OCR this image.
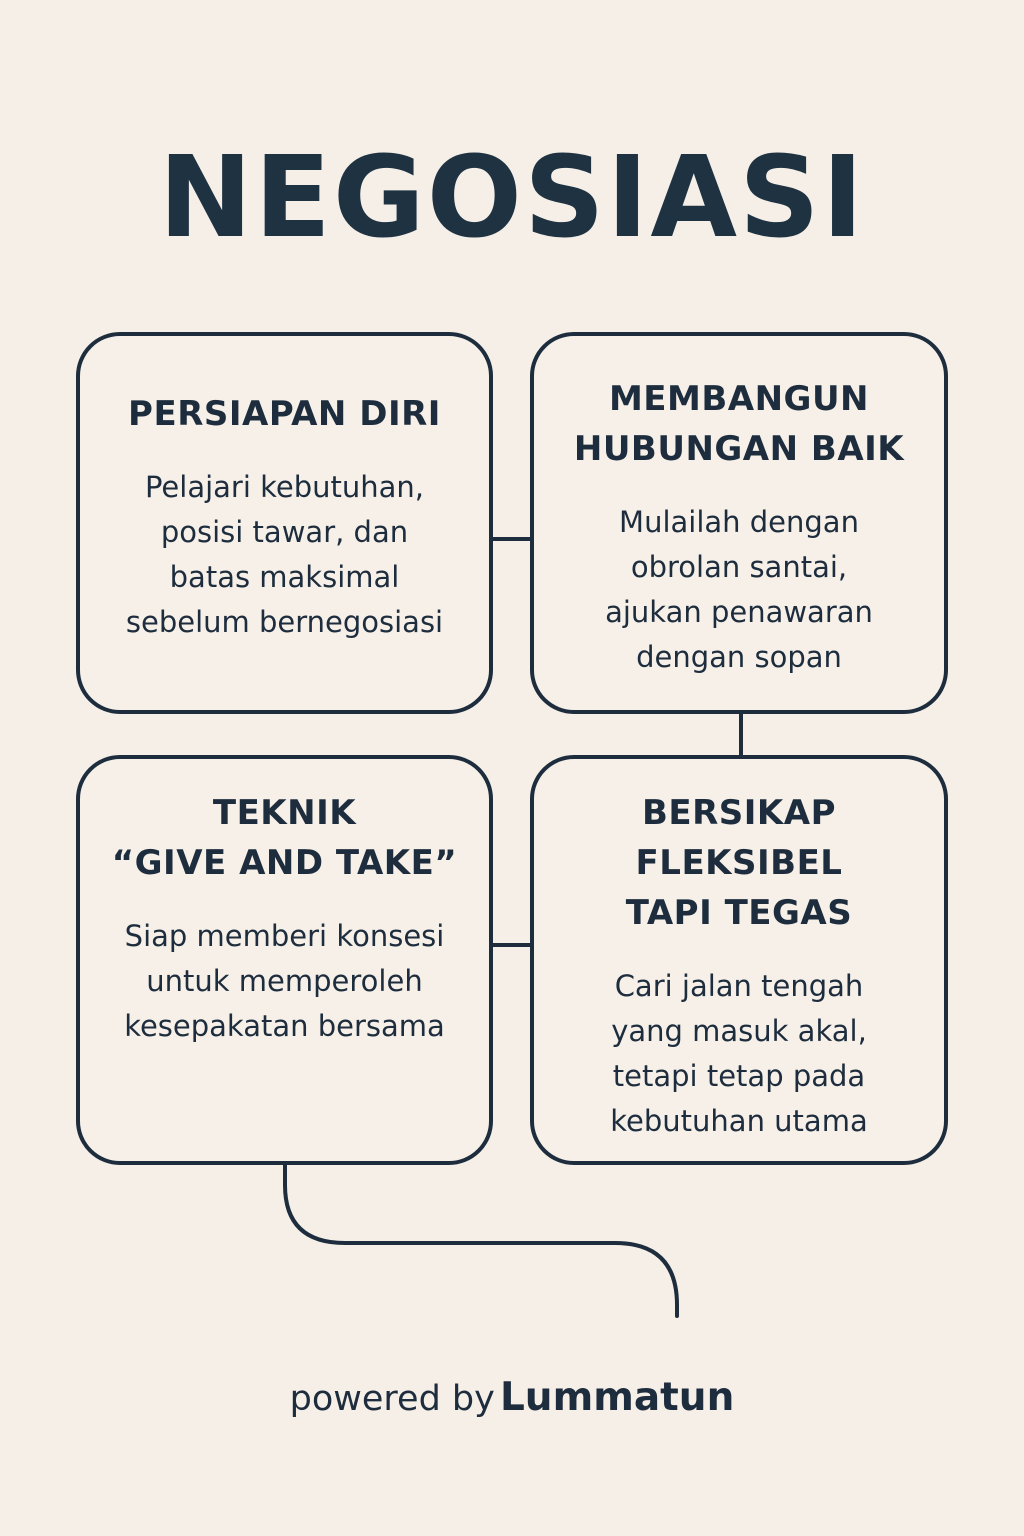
NEGOSIASI
PERSIAPAN DIRI
Pelajari kebutuhan,
posisi tawar, dan
batas maksimal
sebelum bernegosiasi
MEMBANGUN
HUBUNGAN BAIK
Mulailah dengan
obrolan santai,
ajukan penawaran
dengan sopan
TEKNIK
“GIVE AND TAKE”
Siap memberi konsesi
untuk memperoleh
kesepakatan bersama
BERSIKAP
FLEKSIBEL
TAPI TEGAS
Cari jalan tengah
yang masuk akal,
tetapi tetap pada
kebutuhan utama
powered by Lummatun
